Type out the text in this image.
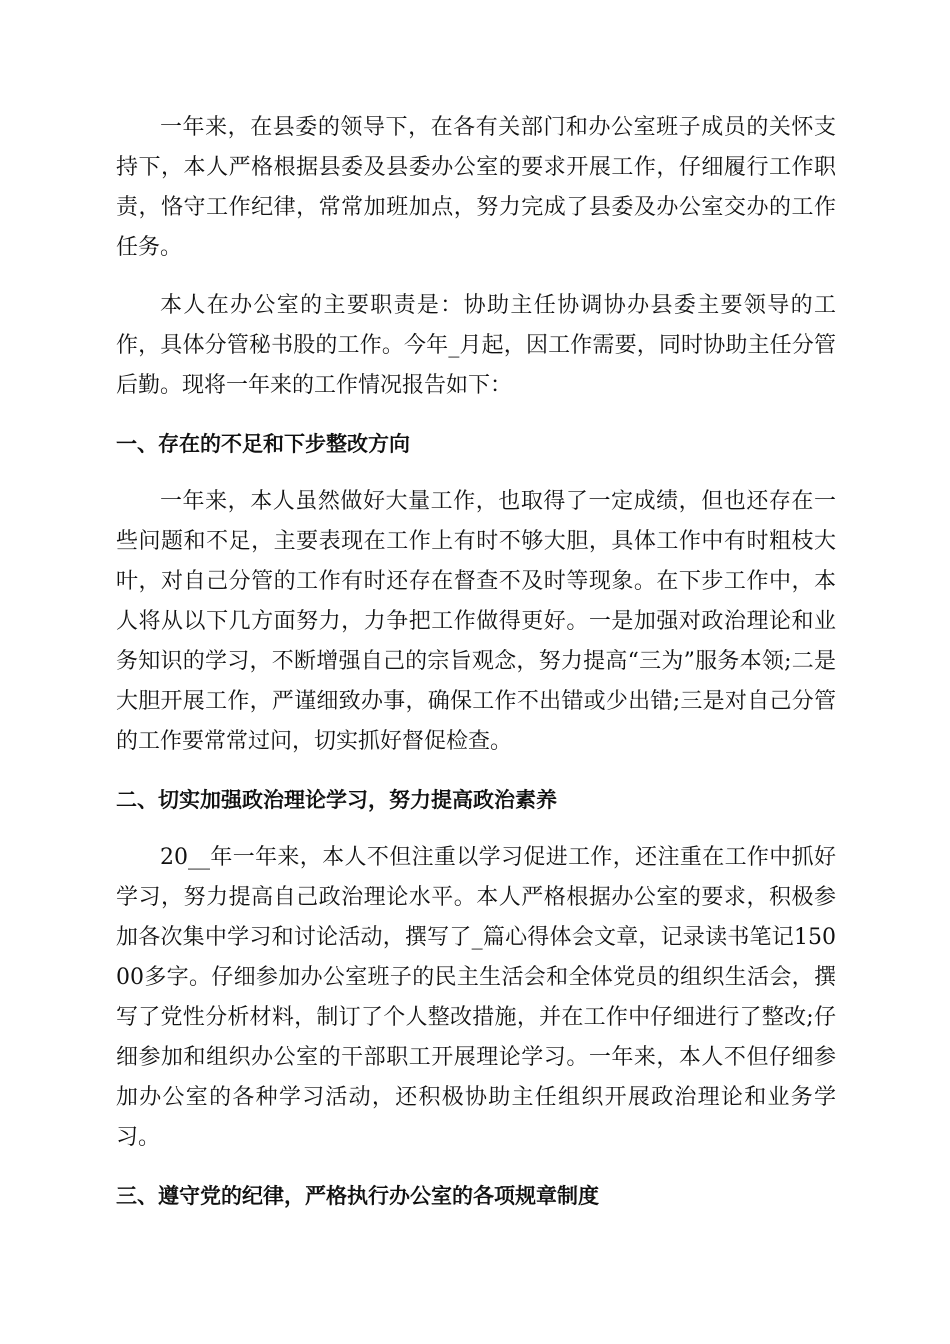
一年来，在县委的领导下，在各有关部门和办公室班子成员的关怀支持下，本人严格根据县委及县委办公室的要求开展工作，仔细履行工作职责，恪守工作纪律，常常加班加点，努力完成了县委及办公室交办的工作任务。

本人在办公室的主要职责是：协助主任协调协办县委主要领导的工作，具体分管秘书股的工作。今年_月起，因工作需要，同时协助主任分管后勤。现将一年来的工作情况报告如下：

一、存在的不足和下步整改方向

一年来，本人虽然做好大量工作，也取得了一定成绩，但也还存在一些问题和不足，主要表现在工作上有时不够大胆，具体工作中有时粗枝大叶，对自己分管的工作有时还存在督查不及时等现象。在下步工作中，本人将从以下几方面努力，力争把工作做得更好。一是加强对政治理论和业务知识的学习，不断增强自己的宗旨观念，努力提高“三为”服务本领;二是大胆开展工作，严谨细致办事，确保工作不出错或少出错;三是对自己分管的工作要常常过问，切实抓好督促检查。

二、切实加强政治理论学习，努力提高政治素养

20__年一年来，本人不但注重以学习促进工作，还注重在工作中抓好学习，努力提高自己政治理论水平。本人严格根据办公室的要求，积极参加各次集中学习和讨论活动，撰写了_篇心得体会文章，记录读书笔记15000多字。仔细参加办公室班子的民主生活会和全体党员的组织生活会，撰写了党性分析材料，制订了个人整改措施，并在工作中仔细进行了整改;仔细参加和组织办公室的干部职工开展理论学习。一年来，本人不但仔细参加办公室的各种学习活动，还积极协助主任组织开展政治理论和业务学习。

三、遵守党的纪律，严格执行办公室的各项规章制度
